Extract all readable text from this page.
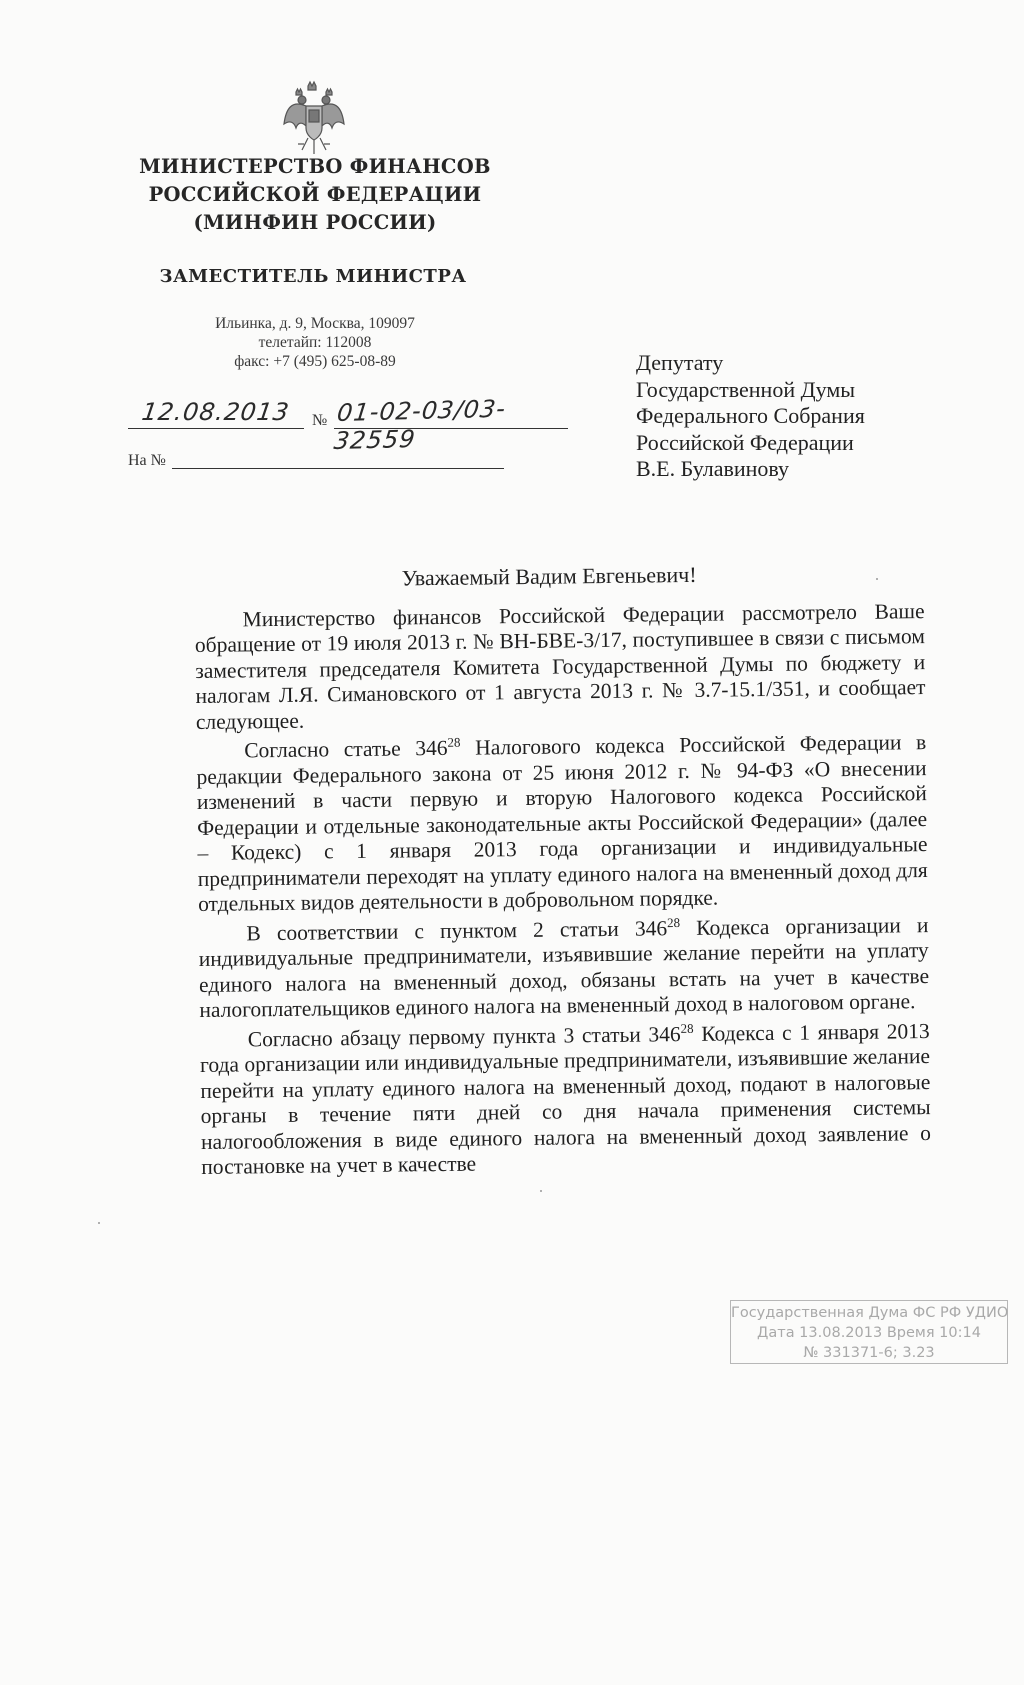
МИНИСТЕРСТВО ФИНАНСОВ
РОССИЙСКОЙ ФЕДЕРАЦИИ
(МИНФИН РОССИИ)
ЗАМЕСТИТЕЛЬ МИНИСТРА
Ильинка, д. 9, Москва, 109097
телетайп: 112008
факс: +7 (495) 625-08-89
12.08.2013 № 01-02-03/03-32559
На №
Депутату
Государственной Думы
Федерального Собрания
Российской Федерации
В.Е. Булавинову
Уважаемый Вадим Евгеньевич!

Министерство финансов Российской Федерации рассмотрело Ваше обращение от 19 июля 2013 г. № ВН-БВЕ-3/17, поступившее в связи с письмом заместителя председателя Комитета Государственной Думы по бюджету и налогам Л.Я. Симановского от 1 августа 2013 г. № 3.7-15.1/351, и сообщает следующее.

Согласно статье $346^{28}$ Налогового кодекса Российской Федерации в редакции Федерального закона от 25 июня 2012 г. № 94-ФЗ «О внесении изменений в части первую и вторую Налогового кодекса Российской Федерации и отдельные законодательные акты Российской Федерации» (далее – Кодекс) с 1 января 2013 года организации и индивидуальные предприниматели переходят на уплату единого налога на вмененный доход для отдельных видов деятельности в добровольном порядке.

В соответствии с пунктом 2 статьи $346^{28}$ Кодекса организации и индивидуальные предприниматели, изъявившие желание перейти на уплату единого налога на вмененный доход, обязаны встать на учет в качестве налогоплательщиков единого налога на вмененный доход в налоговом органе.

Согласно абзацу первому пункта 3 статьи $346^{28}$ Кодекса с 1 января 2013 года организации или индивидуальные предприниматели, изъявившие желание перейти на уплату единого налога на вмененный доход, подают в налоговые органы в течение пяти дней со дня начала применения системы налогообложения в виде единого налога на вмененный доход заявление о постановке на учет в качестве

Государственная Дума ФС РФ УДИО
Дата 13.08.2013 Время 10:14
№ 331371-6; 3.23
